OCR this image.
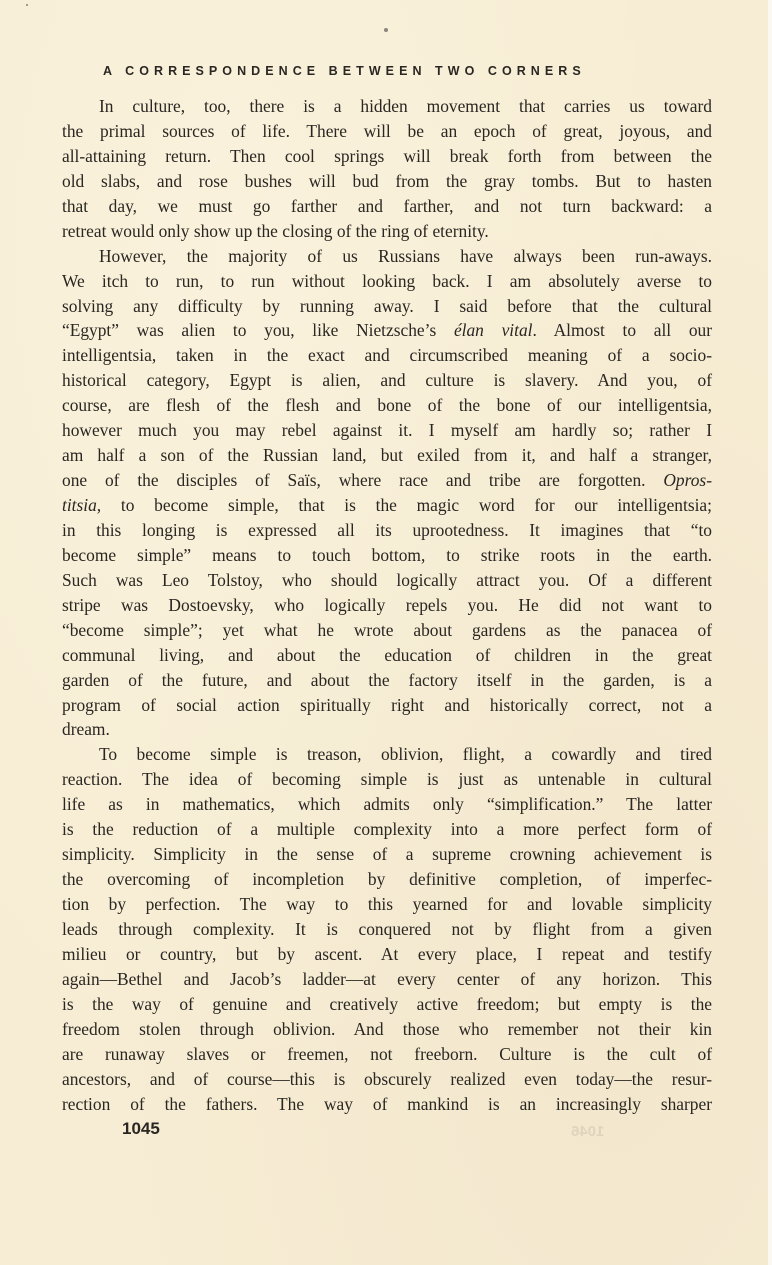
A CORRESPONDENCE BETWEEN TWO CORNERS
In culture, too, there is a hidden movement that carries us toward
the primal sources of life. There will be an epoch of great, joyous, and
all-attaining return. Then cool springs will break forth from between the
old slabs, and rose bushes will bud from the gray tombs. But to hasten
that day, we must go farther and farther, and not turn backward: a
retreat would only show up the closing of the ring of eternity.
However, the majority of us Russians have always been run-aways.
We itch to run, to run without looking back. I am absolutely averse to
solving any difficulty by running away. I said before that the cultural
“Egypt” was alien to you, like Nietzsche’s élan vital. Almost to all our
intelligentsia, taken in the exact and circumscribed meaning of a socio-
historical category, Egypt is alien, and culture is slavery. And you, of
course, are flesh of the flesh and bone of the bone of our intelligentsia,
however much you may rebel against it. I myself am hardly so; rather I
am half a son of the Russian land, but exiled from it, and half a stranger,
one of the disciples of Saïs, where race and tribe are forgotten. Opros-
titsia, to become simple, that is the magic word for our intelligentsia;
in this longing is expressed all its uprootedness. It imagines that “to
become simple” means to touch bottom, to strike roots in the earth.
Such was Leo Tolstoy, who should logically attract you. Of a different
stripe was Dostoevsky, who logically repels you. He did not want to
“become simple”; yet what he wrote about gardens as the panacea of
communal living, and about the education of children in the great
garden of the future, and about the factory itself in the garden, is a
program of social action spiritually right and historically correct, not a
dream.
To become simple is treason, oblivion, flight, a cowardly and tired
reaction. The idea of becoming simple is just as untenable in cultural
life as in mathematics, which admits only “simplification.” The latter
is the reduction of a multiple complexity into a more perfect form of
simplicity. Simplicity in the sense of a supreme crowning achievement is
the overcoming of incompletion by definitive completion, of imperfec-
tion by perfection. The way to this yearned for and lovable simplicity
leads through complexity. It is conquered not by flight from a given
milieu or country, but by ascent. At every place, I repeat and testify
again—Bethel and Jacob’s ladder—at every center of any horizon. This
is the way of genuine and creatively active freedom; but empty is the
freedom stolen through oblivion. And those who remember not their kin
are runaway slaves or freemen, not freeborn. Culture is the cult of
ancestors, and of course—this is obscurely realized even today—the resur-
rection of the fathers. The way of mankind is an increasingly sharper
1045	1046
